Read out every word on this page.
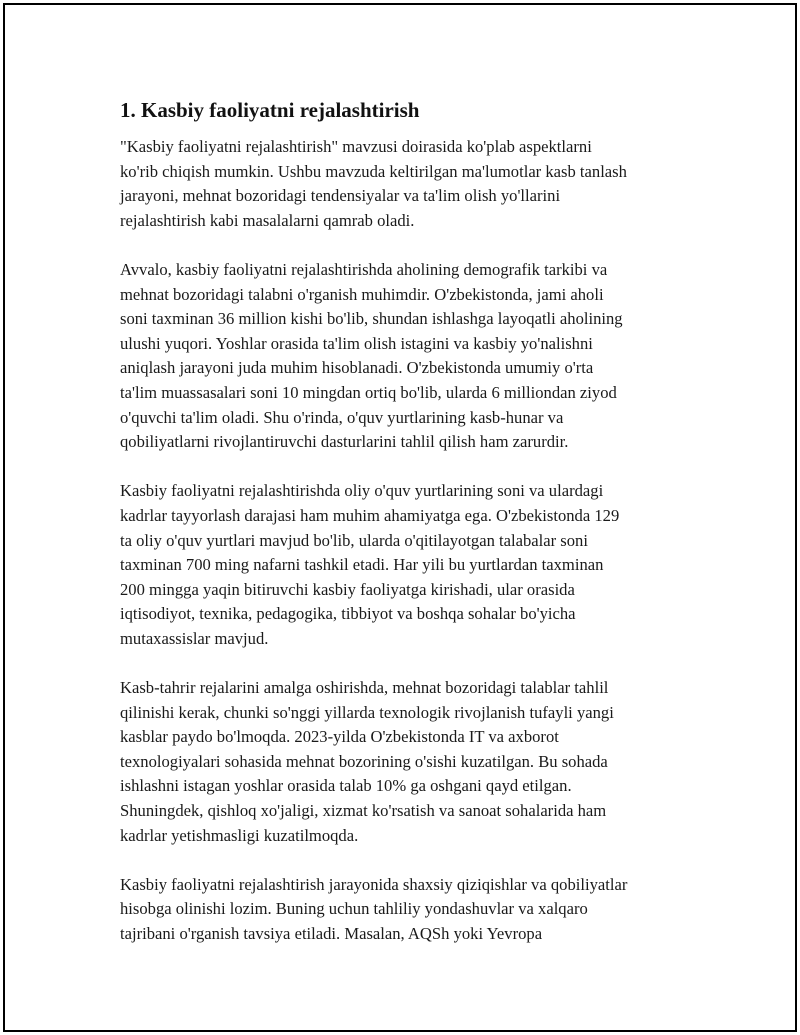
1. Kasbiy faoliyatni rejalashtirish

"Kasbiy faoliyatni rejalashtirish" mavzusi doirasida ko'plab aspektlarni
ko'rib chiqish mumkin. Ushbu mavzuda keltirilgan ma'lumotlar kasb tanlash
jarayoni, mehnat bozoridagi tendensiyalar va ta'lim olish yo'llarini
rejalashtirish kabi masalalarni qamrab oladi.

Avvalo, kasbiy faoliyatni rejalashtirishda aholining demografik tarkibi va
mehnat bozoridagi talabni o'rganish muhimdir. O'zbekistonda, jami aholi
soni taxminan 36 million kishi bo'lib, shundan ishlashga layoqatli aholining
ulushi yuqori. Yoshlar orasida ta'lim olish istagini va kasbiy yo'nalishni
aniqlash jarayoni juda muhim hisoblanadi. O'zbekistonda umumiy o'rta
ta'lim muassasalari soni 10 mingdan ortiq bo'lib, ularda 6 milliondan ziyod
o'quvchi ta'lim oladi. Shu o'rinda, o'quv yurtlarining kasb-hunar va
qobiliyatlarni rivojlantiruvchi dasturlarini tahlil qilish ham zarurdir.

Kasbiy faoliyatni rejalashtirishda oliy o'quv yurtlarining soni va ulardagi
kadrlar tayyorlash darajasi ham muhim ahamiyatga ega. O'zbekistonda 129
ta oliy o'quv yurtlari mavjud bo'lib, ularda o'qitilayotgan talabalar soni
taxminan 700 ming nafarni tashkil etadi. Har yili bu yurtlardan taxminan
200 mingga yaqin bitiruvchi kasbiy faoliyatga kirishadi, ular orasida
iqtisodiyot, texnika, pedagogika, tibbiyot va boshqa sohalar bo'yicha
mutaxassislar mavjud.

Kasb-tahrir rejalarini amalga oshirishda, mehnat bozoridagi talablar tahlil
qilinishi kerak, chunki so'nggi yillarda texnologik rivojlanish tufayli yangi
kasblar paydo bo'lmoqda. 2023-yilda O'zbekistonda IT va axborot
texnologiyalari sohasida mehnat bozorining o'sishi kuzatilgan. Bu sohada
ishlashni istagan yoshlar orasida talab 10% ga oshgani qayd etilgan.
Shuningdek, qishloq xo'jaligi, xizmat ko'rsatish va sanoat sohalarida ham
kadrlar yetishmasligi kuzatilmoqda.

Kasbiy faoliyatni rejalashtirish jarayonida shaxsiy qiziqishlar va qobiliyatlar
hisobga olinishi lozim. Buning uchun tahliliy yondashuvlar va xalqaro
tajribani o'rganish tavsiya etiladi. Masalan, AQSh yoki Yevropa
